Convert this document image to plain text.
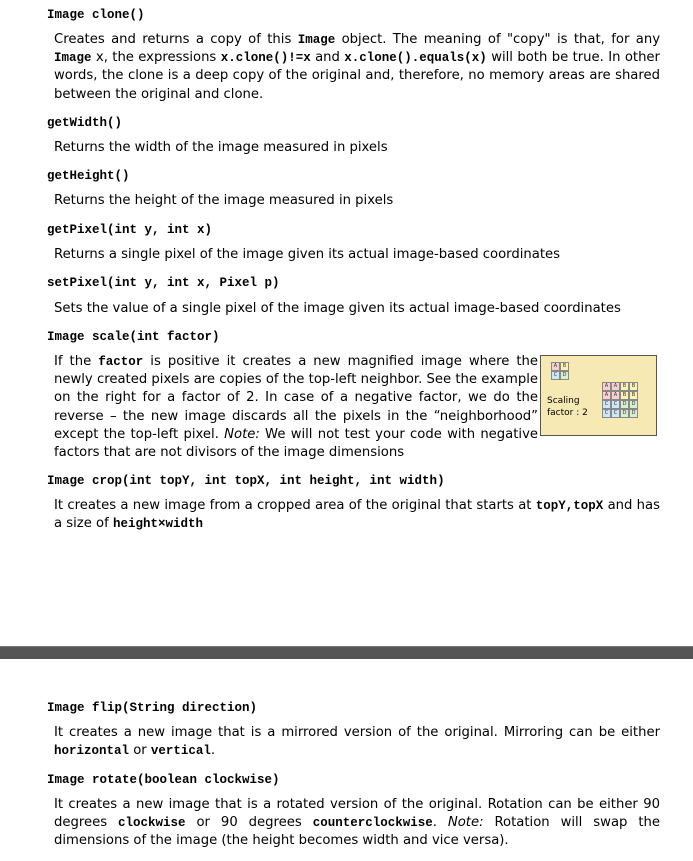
Image clone()
Creates and returns a copy of this Image object. The meaning of "copy" is that, for any Image x, the expressions x.clone()!=x and x.clone().equals(x) will both be true. In other words, the clone is a deep copy of the original and, therefore, no memory areas are shared between the original and clone.
getWidth()
Returns the width of the image measured in pixels
getHeight()
Returns the height of the image measured in pixels
getPixel(int y, int x)
Returns a single pixel of the image given its actual image-based coordinates
setPixel(int y, int x, Pixel p)
Sets the value of a single pixel of the image given its actual image-based coordinates
Image scale(int factor)
If the factor is positive it creates a new magnified image where the newly created pixels are copies of the top-left neighbor. See the example on the right for a factor of 2. In case of a negative factor, we do the reverse – the new image discards all the pixels in the “neighborhood” except the top-left pixel. Note: We will not test your code with negative factors that are not divisors of the image dimensions
A	B
C	D
Scaling
factor : 2
A	A	B	B
A	A	B	B
C	C	D	D
C	C	D	D
Image crop(int topY, int topX, int height, int width)
It creates a new image from a cropped area of the original that starts at topY,topX and has a size of height×width
Image flip(String direction)
It creates a new image that is a mirrored version of the original. Mirroring can be either horizontal or vertical.
Image rotate(boolean clockwise)
It creates a new image that is a rotated version of the original. Rotation can be either 90 degrees clockwise or 90 degrees counterclockwise. Note: Rotation will swap the dimensions of the image (the height becomes width and vice versa).
